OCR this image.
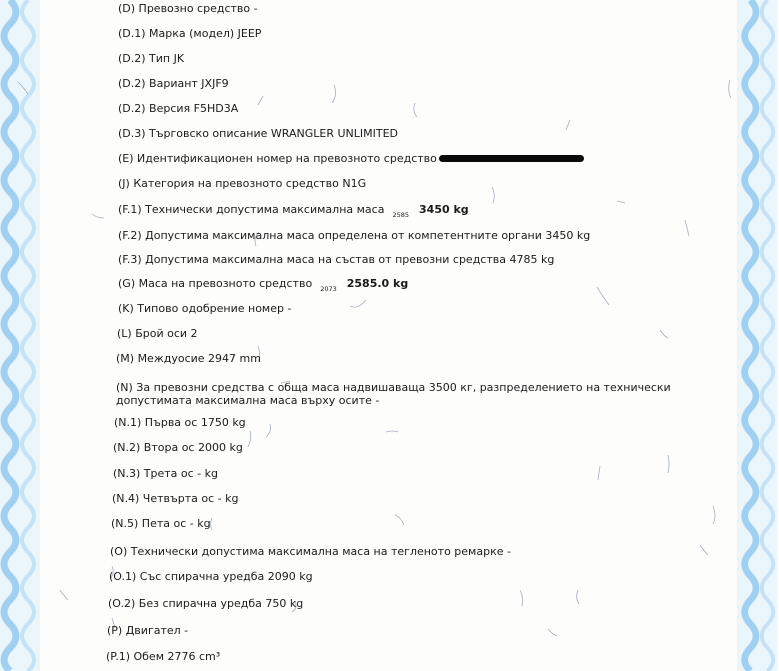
(D) Превозно средство -
(D.1) Марка (модел) JEEP
(D.2) Тип JK
(D.2) Вариант JXJF9
(D.2) Версия F5HD3A
(D.3) Търговско описание WRANGLER UNLIMITED
(E) Идентификационен номер на превозното средство
(J) Категория на превозното средство N1G
(F.1) Технически допустима максимална маса $_{2585}$ 3450 kg
(F.2) Допустима максимална маса определена от компетентните органи 3450 kg
(F.3) Допустима максимална маса на състав от превозни средства 4785 kg
(G) Маса на превозното средство $_{2073}$ 2585.0 kg
(K) Типово одобрение номер -
(L) Брой оси 2
(M) Междуосие 2947 mm
(N) За превозни средства с обща маса надвишаваща 3500 кг, разпределението на технически допустимата максимална маса върху осите -
(N.1) Първа ос 1750 kg
(N.2) Втора ос 2000 kg
(N.3) Трета ос - kg
(N.4) Четвърта ос - kg
(N.5) Пета ос - kg
(O) Технически допустима максимална маса на тегленото ремарке -
(O.1) Със спирачна уредба 2090 kg
(O.2) Без спирачна уредба 750 kg
(P) Двигател -
(P.1) Обем 2776 cm³
